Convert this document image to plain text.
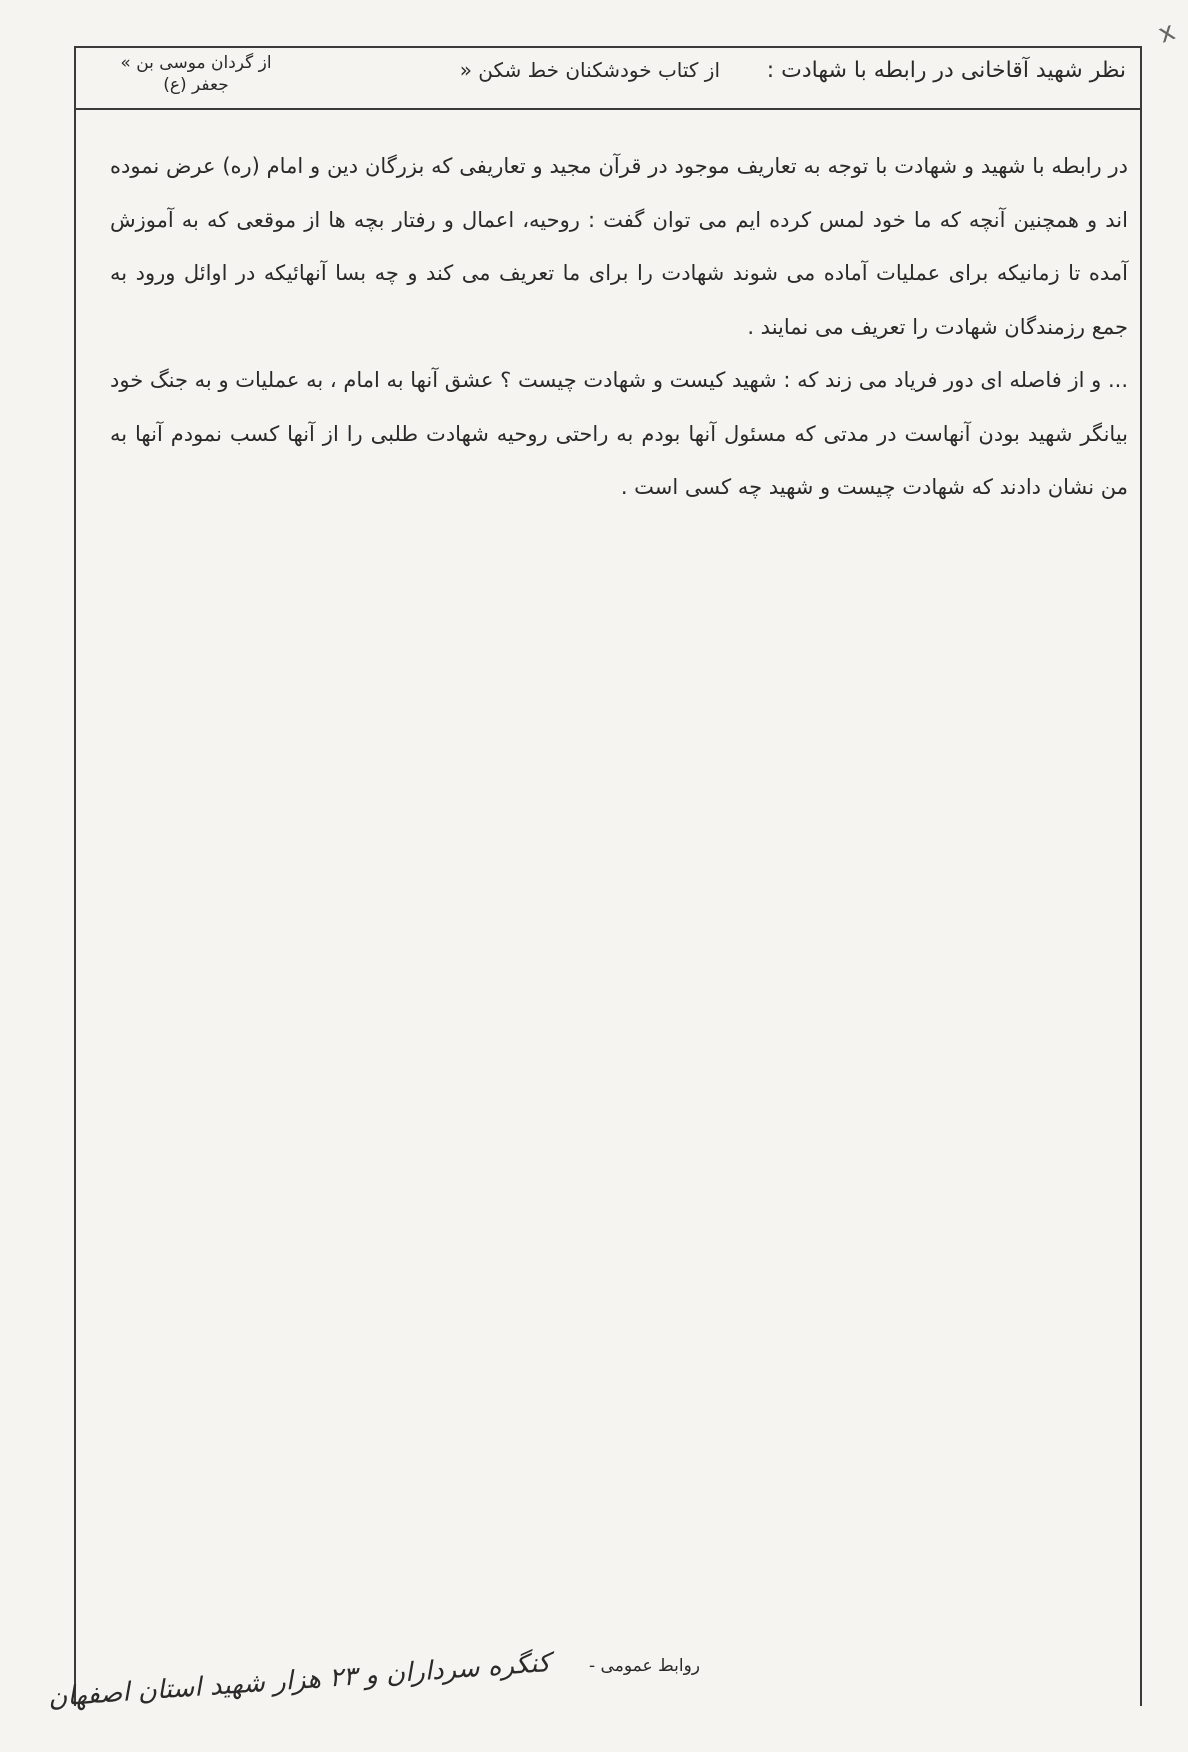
x
نظر شهید آقاخانی در رابطه با شهادت :
از کتاب خودشکنان خط شکن «
از گردان موسی بن »
جعفر (ع)

در رابطه با شهید و شهادت با توجه به تعاریف موجود در قرآن مجید و تعاریفی که بزرگان دین و امام (ره) عرض نموده اند و همچنین آنچه که ما خود لمس کرده ایم می توان گفت : روحیه، اعمال و رفتار بچه ها از موقعی که به آموزش آمده تا زمانیکه برای عملیات آماده می شوند شهادت را برای ما تعریف می کند و چه بسا آنهائیکه در اوائل ورود به جمع رزمندگان شهادت را تعریف می نمایند .

... و از فاصله ای دور فریاد می زند که : شهید کیست و شهادت چیست ؟ عشق آنها به امام ، به عملیات و به جنگ خود بیانگر شهید بودن آنهاست در مدتی که مسئول آنها بودم به راحتی روحیه شهادت طلبی را از آنها کسب نمودم آنها به من نشان دادند که شهادت چیست و شهید چه کسی است .

روابط عمومی -
کنگره سرداران و ۲۳ هزار شهید استان اصفهان
